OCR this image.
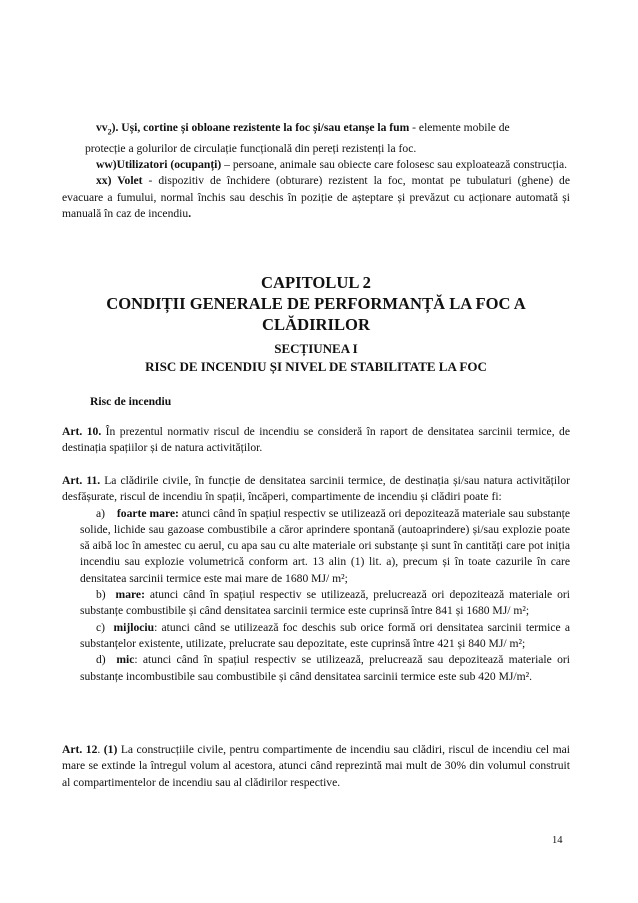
$vv_2$). Uși, cortine și obloane rezistente la foc și/sau etanșe la fum - elemente mobile de

protecție a golurilor de circulație funcțională din pereți rezistenți la foc.

ww)Utilizatori (ocupanți) – persoane, animale sau obiecte care folosesc sau exploatează construcția.

xx) Volet - dispozitiv de închidere (obturare) rezistent la foc, montat pe tubulaturi (ghene) de evacuare a fumului, normal închis sau deschis în poziție de așteptare și prevăzut cu acționare automată și manuală în caz de incendiu.

CAPITOLUL 2
CONDIȚII GENERALE DE PERFORMANȚĂ LA FOC A
CLĂDIRILOR
SECȚIUNEA I
RISC DE INCENDIU ȘI NIVEL DE STABILITATE LA FOC

Risc de incendiu

Art. 10. În prezentul normativ riscul de incendiu se consideră în raport de densitatea sarcinii termice, de destinația spațiilor și de natura activităților.

Art. 11. La clădirile civile, în funcție de densitatea sarcinii termice, de destinația și/sau natura activităților desfășurate, riscul de incendiu în spații, încăperi, compartimente de incendiu și clădiri poate fi:

a) foarte mare: atunci când în spațiul respectiv se utilizează ori depozitează materiale sau substanțe solide, lichide sau gazoase combustibile a căror aprindere spontană (autoaprindere) și/sau explozie poate să aibă loc în amestec cu aerul, cu apa sau cu alte materiale ori substanțe și sunt în cantități care pot iniția incendiu sau explozie volumetrică conform art. 13 alin (1) lit. a), precum și în toate cazurile în care densitatea sarcinii termice este mai mare de 1680 MJ/ m²;

b) mare: atunci când în spațiul respectiv se utilizează, prelucrează ori depozitează materiale ori substanțe combustibile și când densitatea sarcinii termice este cuprinsă între 841 și 1680 MJ/ m²;

c) mijlociu: atunci când se utilizează foc deschis sub orice formă ori densitatea sarcinii termice a substanțelor existente, utilizate, prelucrate sau depozitate, este cuprinsă între 421 și 840 MJ/ m²;

d) mic: atunci când în spațiul respectiv se utilizează, prelucrează sau depozitează materiale ori substanțe incombustibile sau combustibile și când densitatea sarcinii termice este sub 420 MJ/m².

Art. 12. (1) La construcțiile civile, pentru compartimente de incendiu sau clădiri, riscul de incendiu cel mai mare se extinde la întregul volum al acestora, atunci când reprezintă mai mult de 30% din volumul construit al compartimentelor de incendiu sau al clădirilor respective.

14
